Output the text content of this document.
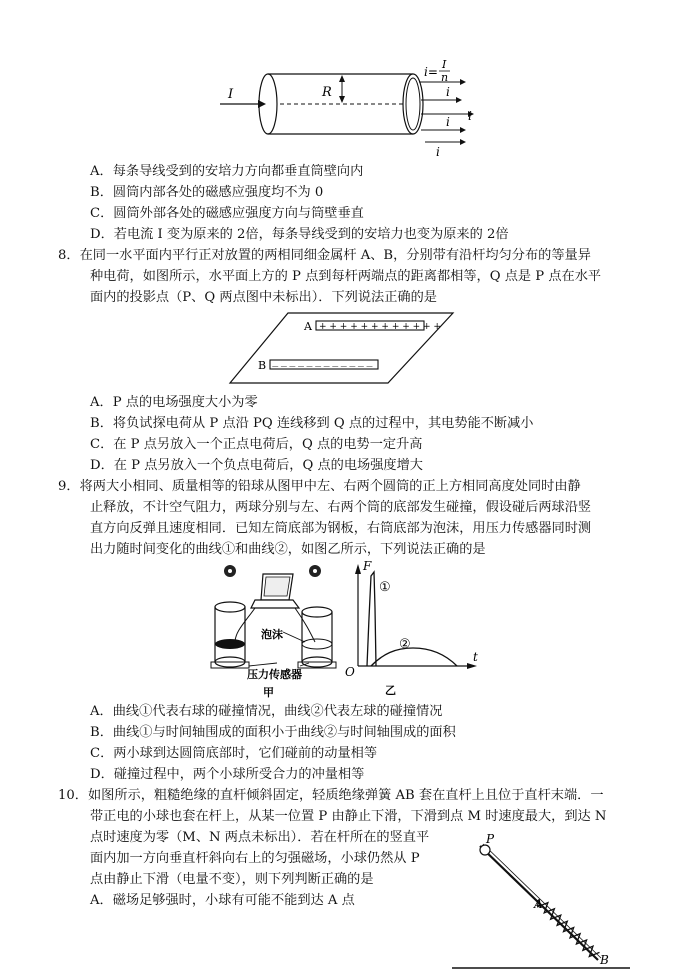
I	R
i=
I
n
i
i
i
i
A．每条导线受到的安培力方向都垂直筒壁向内
B．圆筒内部各处的磁感应强度均不为 0
C．圆筒外部各处的磁感应强度方向与筒壁垂直
D．若电流 I 变为原来的 2倍，每条导线受到的安培力也变为原来的 2倍
8．在同一水平面内平行正对放置的两相同细金属杆 A、B，分别带有沿杆均匀分布的等量异
种电荷，如图所示，水平面上方的 P 点到每杆两端点的距离都相等，Q 点是 P 点在水平
面内的投影点（P、Q 两点图中未标出）．下列说法正确的是
+ + + + + + + + + + + +
A
— — — — — — — — — — — —
B
A．P 点的电场强度大小为零
B．将负试探电荷从 P 点沿 PQ 连线移到 Q 点的过程中，其电势能不断减小
C．在 P 点另放入一个正点电荷后，Q 点的电势一定升高
D．在 P 点另放入一个负点电荷后，Q 点的电场强度增大
9．将两大小相同、质量相等的铅球从图甲中左、右两个圆筒的正上方相同高度处同时由静
止释放，不计空气阻力，两球分别与左、右两个筒的底部发生碰撞，假设碰后两球沿竖
直方向反弹且速度相同．已知左筒底部为钢板，右筒底部为泡沫，用压力传感器同时测
出力随时间变化的曲线①和曲线②，如图乙所示，下列说法正确的是
泡沫
压力传感器
甲
F
t
O
①
②
乙
A．曲线①代表右球的碰撞情况，曲线②代表左球的碰撞情况
B．曲线①与时间轴围成的面积小于曲线②与时间轴围成的面积
C．两小球到达圆筒底部时，它们碰前的动量相等
D．碰撞过程中，两个小球所受合力的冲量相等
10．如图所示，粗糙绝缘的直杆倾斜固定，轻质绝缘弹簧 AB 套在直杆上且位于直杆末端．一
带正电的小球也套在杆上，从某一位置 P 由静止下滑，下滑到点 M 时速度最大，到达 N
点时速度为零（M、N 两点未标出）．若在杆所在的竖直平
面内加一方向垂直杆斜向右上的匀强磁场，小球仍然从 P
点由静止下滑（电量不变），则下列判断正确的是
A．磁场足够强时，小球有可能不能到达 A 点
P
A
B
